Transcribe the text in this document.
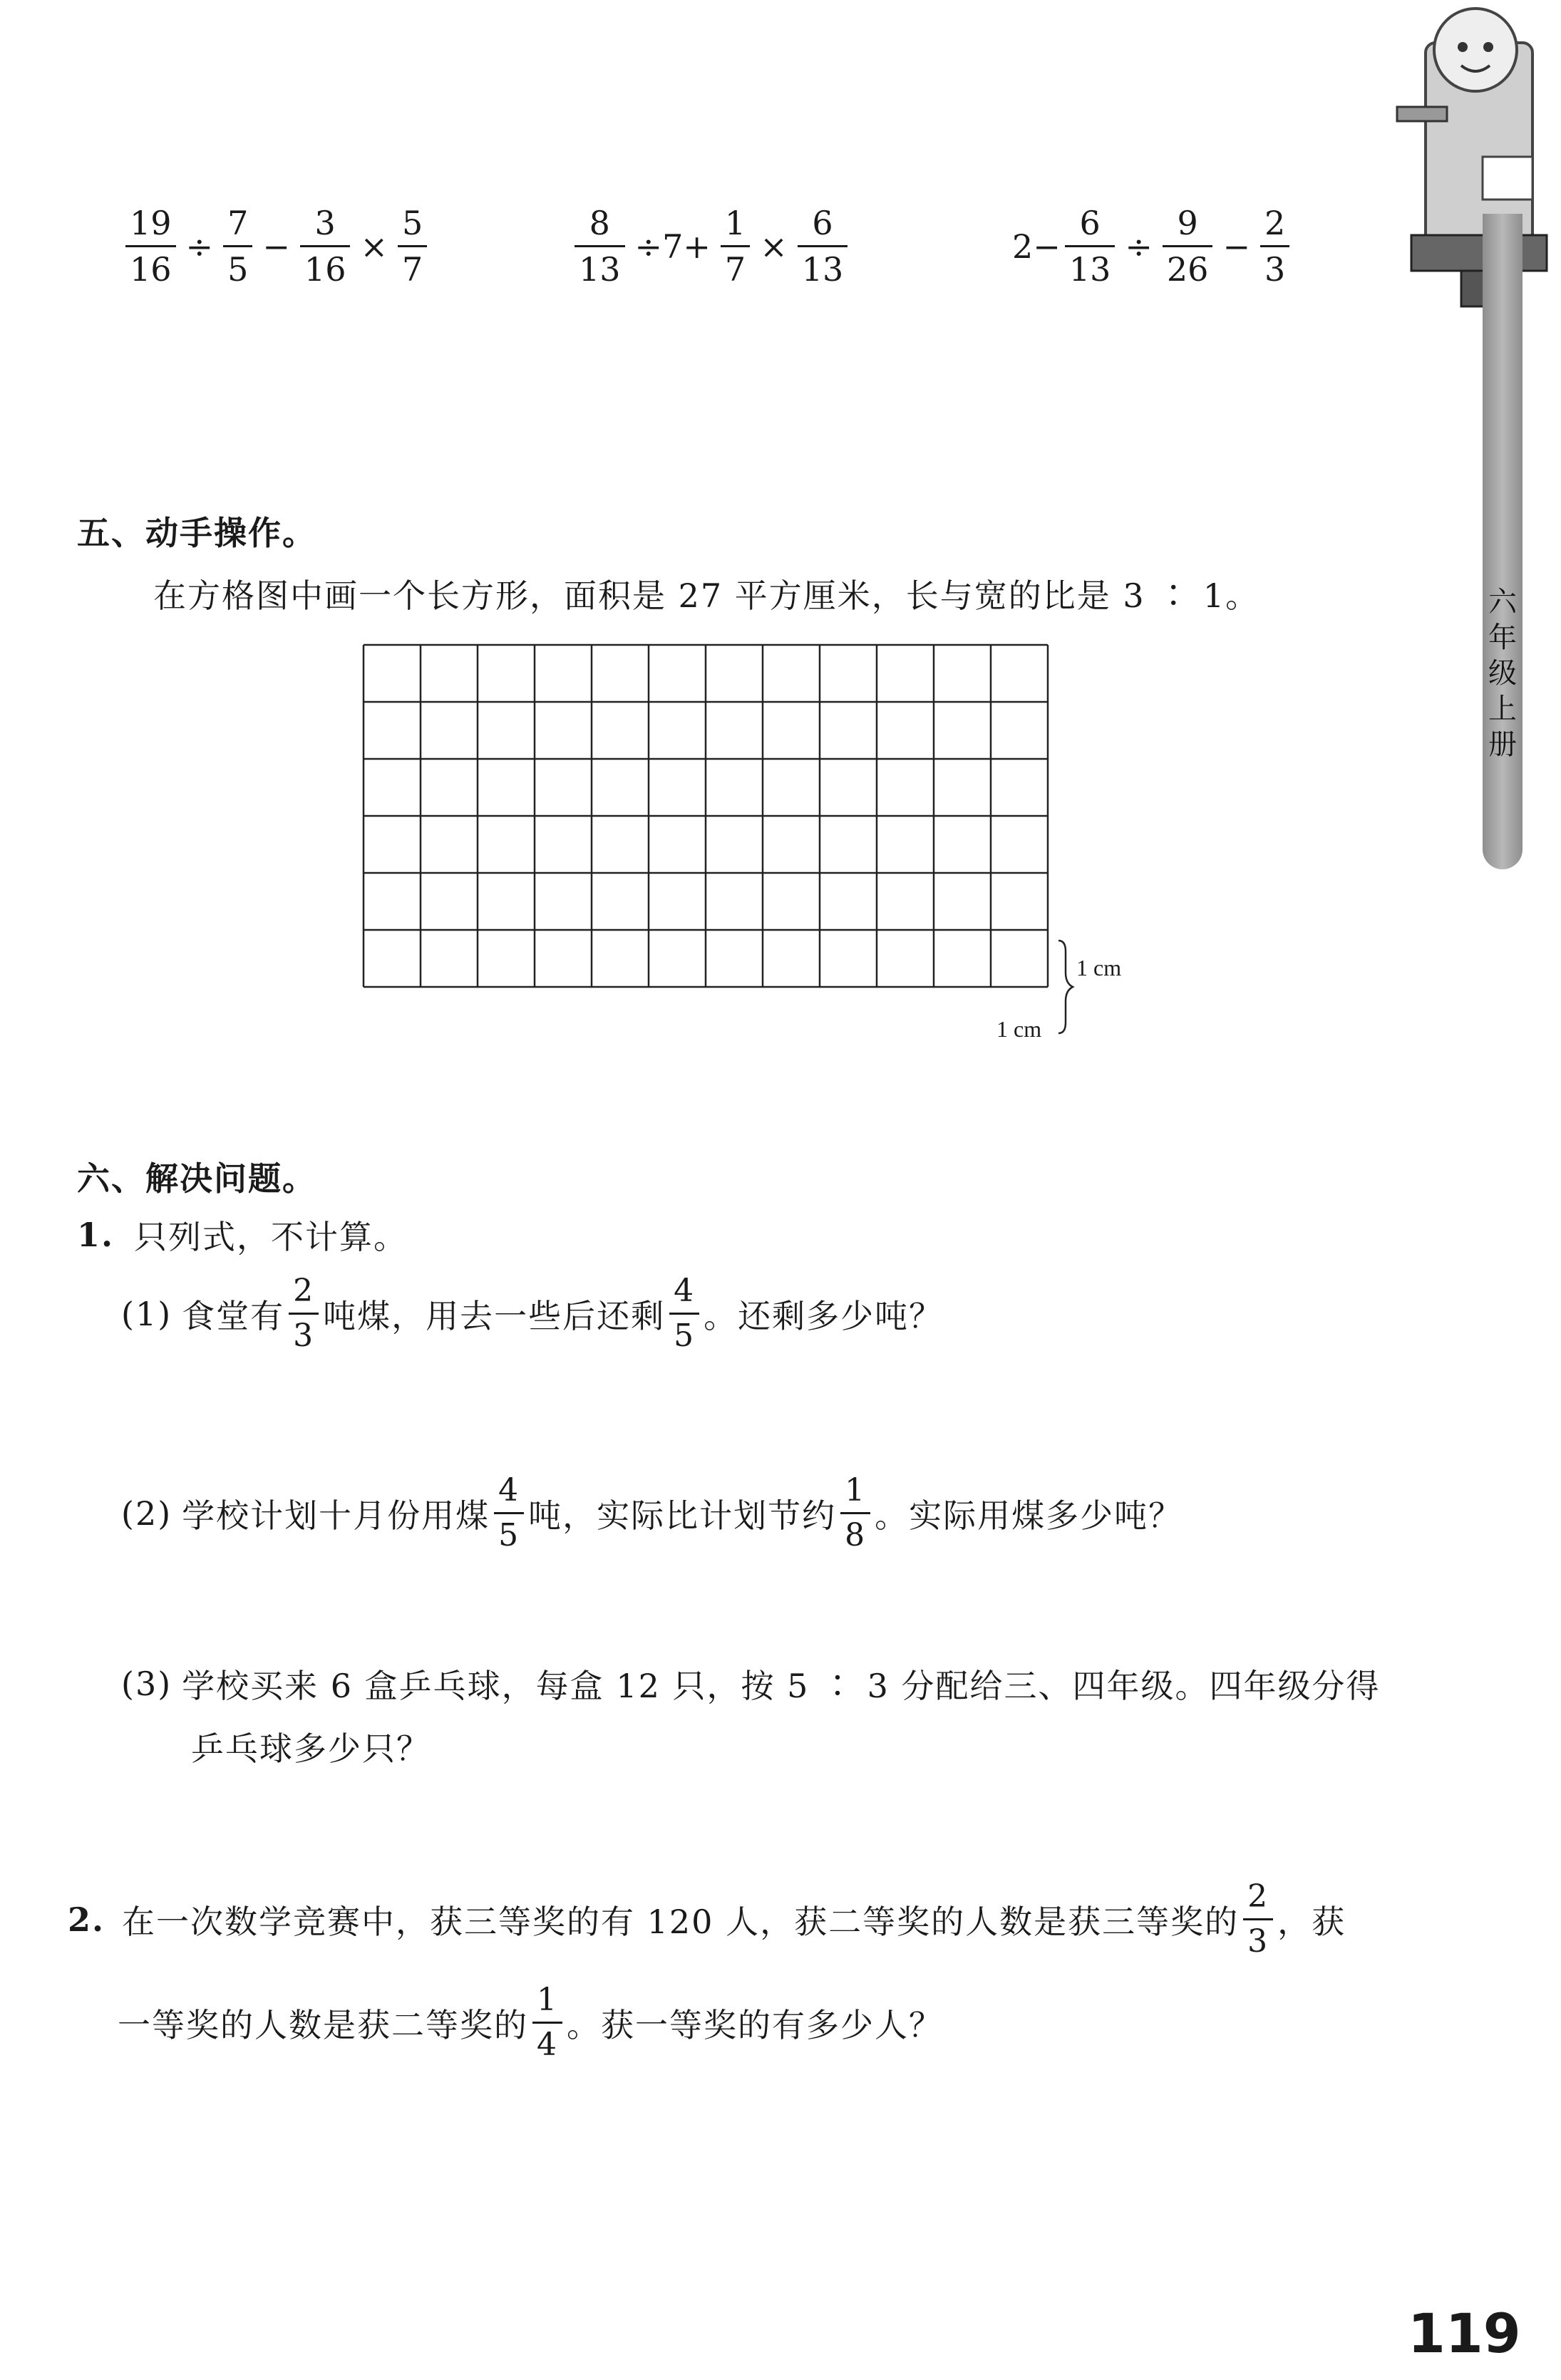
$\frac{19}{16} \div \frac{7}{5} - \frac{3}{16} \times \frac{5}{7}$	$\frac{8}{13} \div 7+ \frac{1}{7} \times \frac{6}{13}$	$2- \frac{6}{13} \div \frac{9}{26} - \frac{2}{3}$
五、动手操作。
在方格图中画一个长方形，面积是 27 平方厘米，长与宽的比是 3 ∶ 1。
1 cm
1 cm
六、解决问题。
1. 只列式，不计算。
(1) 食堂有 $\frac{2}{3}$ 吨煤，用去一些后还剩 $\frac{4}{5}$ 。还剩多少吨？
(2) 学校计划十月份用煤 $\frac{4}{5}$ 吨，实际比计划节约 $\frac{1}{8}$ 。实际用煤多少吨？
(3) 学校买来 6 盒乒乓球，每盒 12 只，按 5 ∶ 3 分配给三、四年级。四年级分得
乒乓球多少只？
2. 在一次数学竞赛中，获三等奖的有 120 人，获二等奖的人数是获三等奖的 $\frac{2}{3}$ ，获
一等奖的人数是获二等奖的 $\frac{1}{4}$ 。获一等奖的有多少人？
六年级上册
119
